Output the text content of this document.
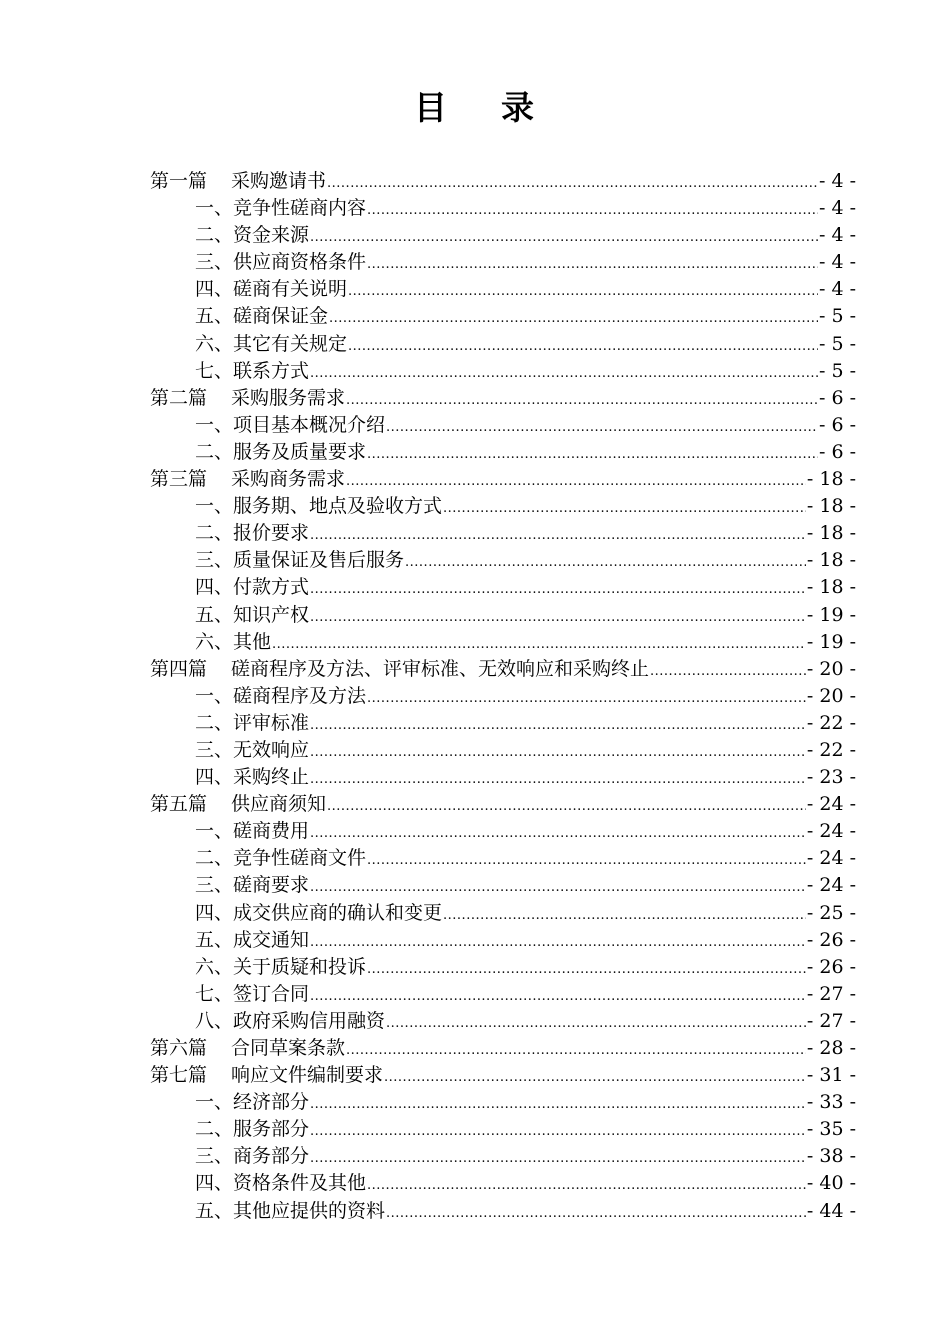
目 录
第一篇 采购邀请书 .....	- 4 -
一、竞争性磋商内容 .....	- 4 -
二、资金来源 .....	- 4 -
三、供应商资格条件 .....	- 4 -
四、磋商有关说明 .....	- 4 -
五、磋商保证金 .....	- 5 -
六、其它有关规定 .....	- 5 -
七、联系方式 .....	- 5 -
第二篇 采购服务需求 .....	- 6 -
一、项目基本概况介绍 .....	- 6 -
二、服务及质量要求 .....	- 6 -
第三篇 采购商务需求 .....	- 18 -
一、服务期、地点及验收方式 .....	- 18 -
二、报价要求 .....	- 18 -
三、质量保证及售后服务 .....	- 18 -
四、付款方式 .....	- 18 -
五、知识产权 .....	- 19 -
六、其他 .....	- 19 -
第四篇 磋商程序及方法、评审标准、无效响应和采购终止 .....	- 20 -
一、磋商程序及方法 .....	- 20 -
二、评审标准 .....	- 22 -
三、无效响应 .....	- 22 -
四、采购终止 .....	- 23 -
第五篇 供应商须知 .....	- 24 -
一、磋商费用 .....	- 24 -
二、竞争性磋商文件 .....	- 24 -
三、磋商要求 .....	- 24 -
四、成交供应商的确认和变更 .....	- 25 -
五、成交通知 .....	- 26 -
六、关于质疑和投诉 .....	- 26 -
七、签订合同 .....	- 27 -
八、政府采购信用融资 .....	- 27 -
第六篇 合同草案条款 .....	- 28 -
第七篇 响应文件编制要求 .....	- 31 -
一、经济部分 .....	- 33 -
二、服务部分 .....	- 35 -
三、商务部分 .....	- 38 -
四、资格条件及其他 .....	- 40 -
五、其他应提供的资料 .....	- 44 -
